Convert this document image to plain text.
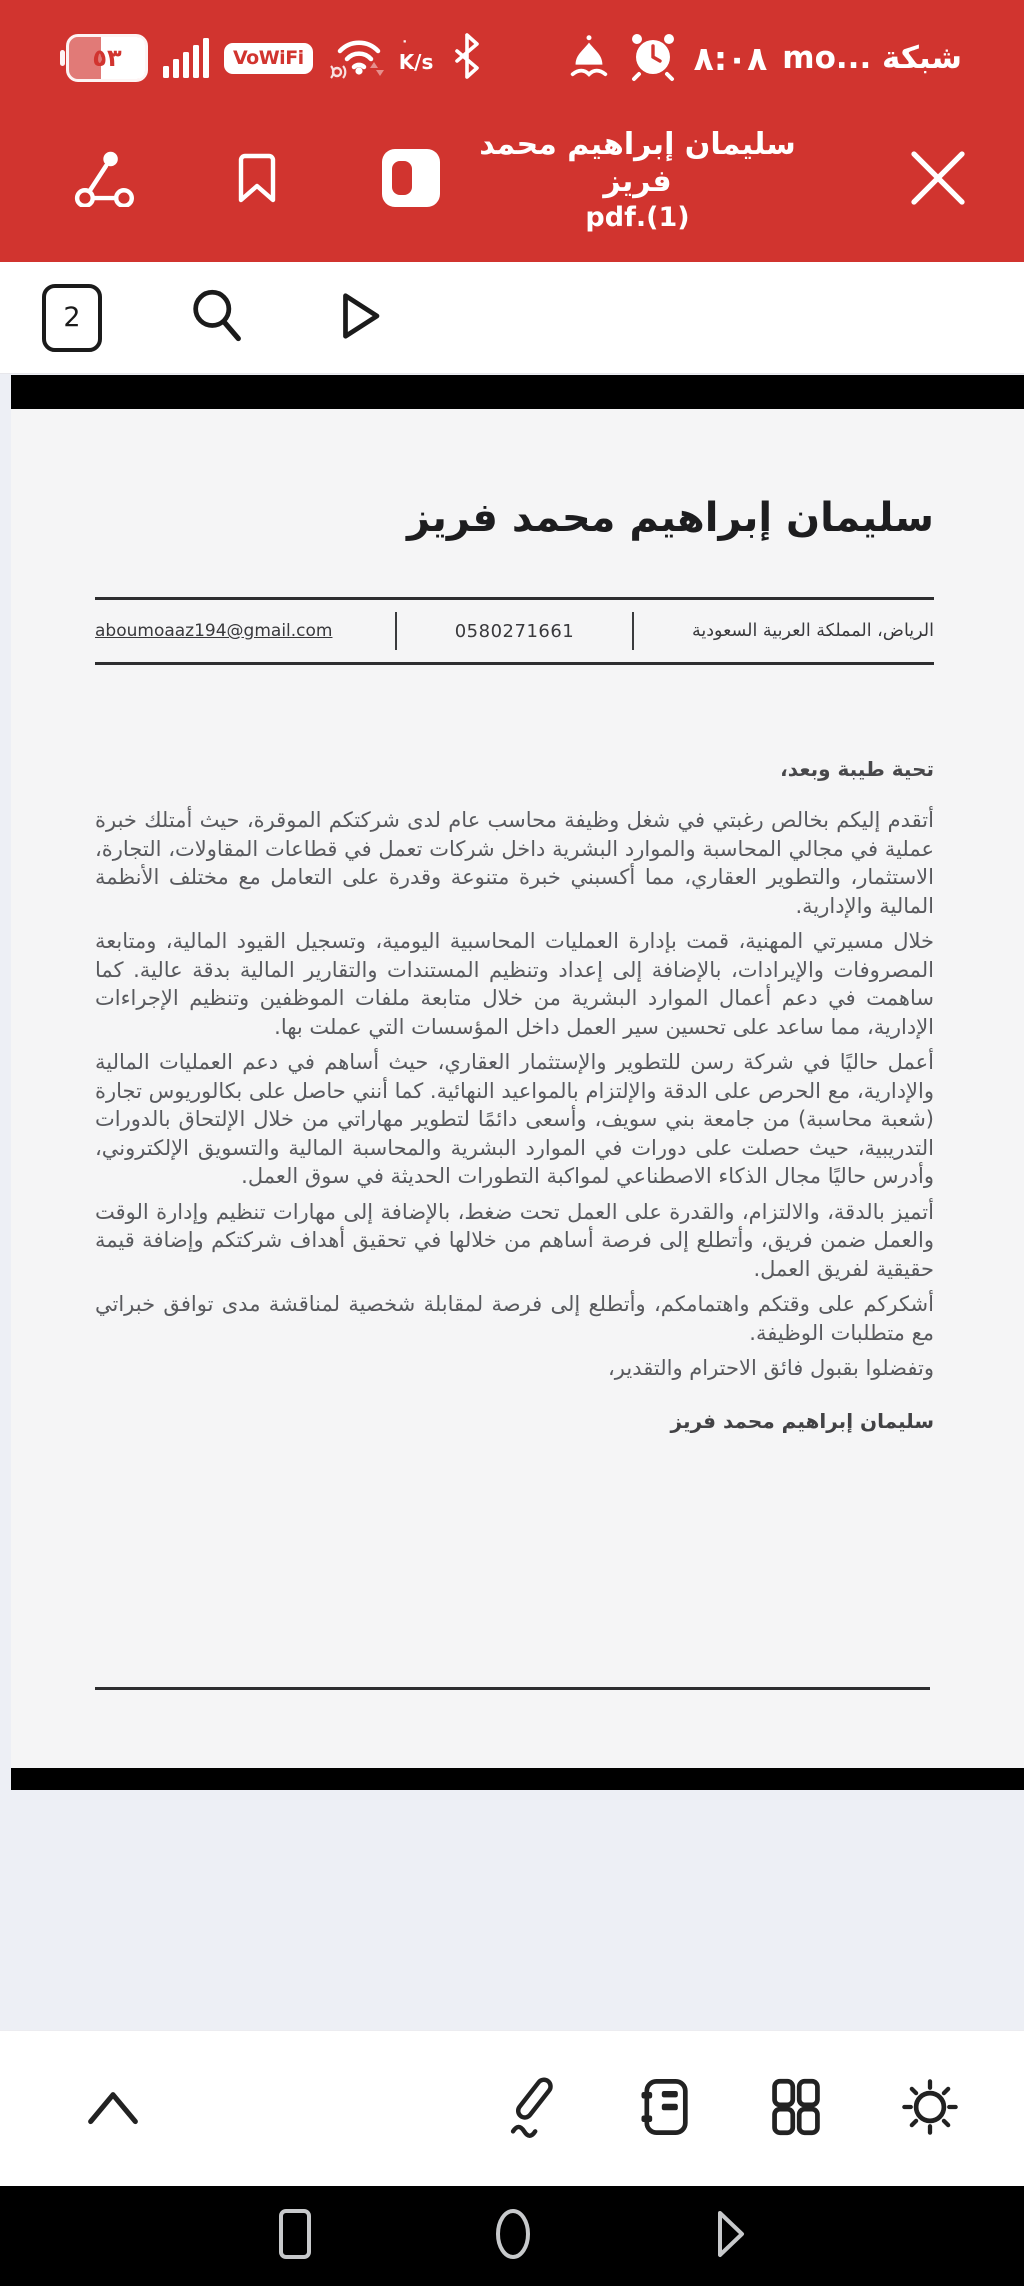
٥٣	VoWiFi
٠
K/s	٨:٠٨ mo... شبكة
سليمان إبراهيم محمد فريز
(1).pdf
2
سليمان إبراهيم محمد فريز
aboumoaaz194@gmail.com	0580271661	الرياض، المملكة العربية السعودية
تحية طيبة وبعد،

أتقدم إليكم بخالص رغبتي في شغل وظيفة محاسب عام لدى شركتكم الموقرة، حيث أمتلك خبرة عملية في مجالي المحاسبة والموارد البشرية داخل شركات تعمل في قطاعات المقاولات، التجارة، الاستثمار، والتطوير العقاري، مما أكسبني خبرة متنوعة وقدرة على التعامل مع مختلف الأنظمة المالية والإدارية.

خلال مسيرتي المهنية، قمت بإدارة العمليات المحاسبية اليومية، وتسجيل القيود المالية، ومتابعة المصروفات والإيرادات، بالإضافة إلى إعداد وتنظيم المستندات والتقارير المالية بدقة عالية. كما ساهمت في دعم أعمال الموارد البشرية من خلال متابعة ملفات الموظفين وتنظيم الإجراءات الإدارية، مما ساعد على تحسين سير العمل داخل المؤسسات التي عملت بها.

أعمل حاليًا في شركة رسن للتطوير والإستثمار العقاري، حيث أساهم في دعم العمليات المالية والإدارية، مع الحرص على الدقة والإلتزام بالمواعيد النهائية. كما أنني حاصل على بكالوريوس تجارة (شعبة محاسبة) من جامعة بني سويف، وأسعى دائمًا لتطوير مهاراتي من خلال الإلتحاق بالدورات التدريبية، حيث حصلت على دورات في الموارد البشرية والمحاسبة المالية والتسويق الإلكتروني، وأدرس حاليًا مجال الذكاء الاصطناعي لمواكبة التطورات الحديثة في سوق العمل.

أتميز بالدقة، والالتزام، والقدرة على العمل تحت ضغط، بالإضافة إلى مهارات تنظيم وإدارة الوقت والعمل ضمن فريق، وأتطلع إلى فرصة أساهم من خلالها في تحقيق أهداف شركتكم وإضافة قيمة حقيقية لفريق العمل.

أشكركم على وقتكم واهتمامكم، وأتطلع إلى فرصة لمقابلة شخصية لمناقشة مدى توافق خبراتي مع متطلبات الوظيفة.

وتفضلوا بقبول فائق الاحترام والتقدير،

سليمان إبراهيم محمد فريز
